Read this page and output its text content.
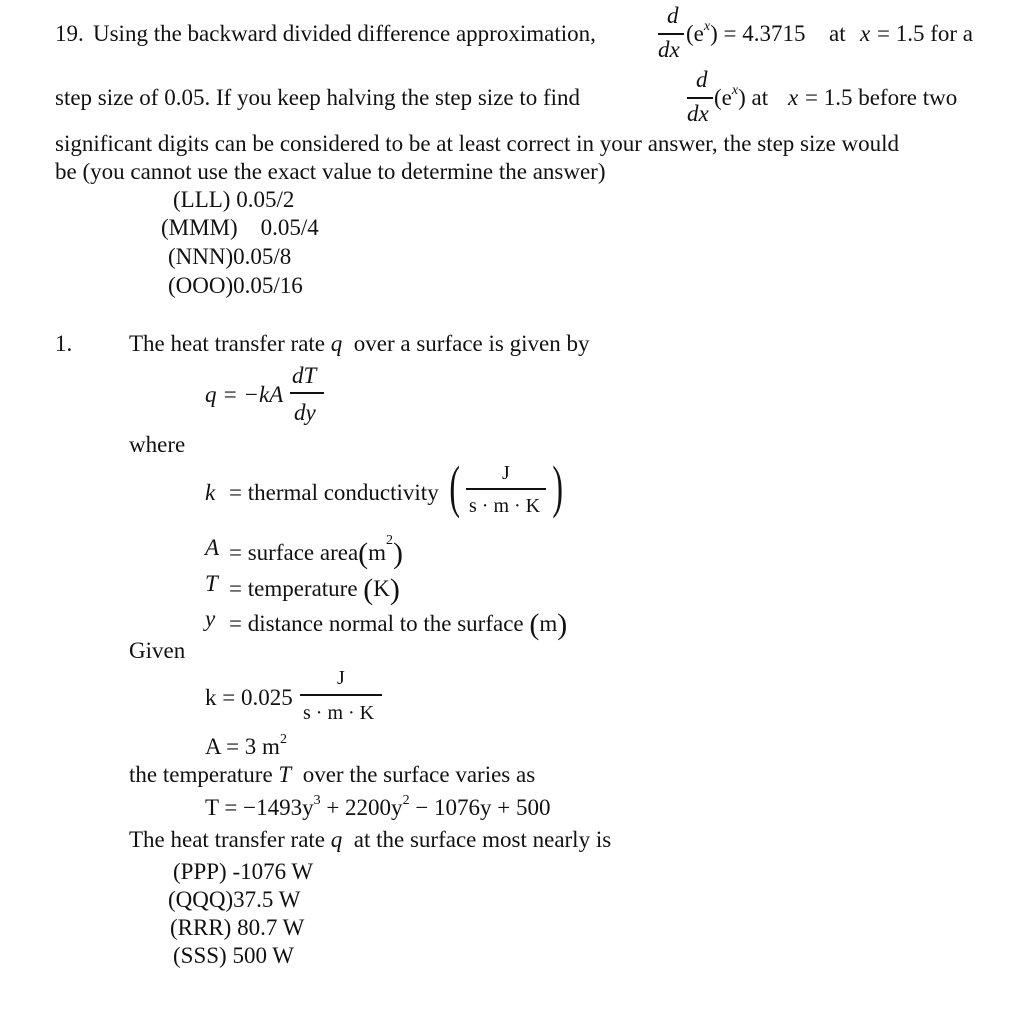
19. Using the backward divided difference approximation,
d
dx
$(e^x) = 4.3715$ at x = 1.5 for a
step size of 0.05. If you keep halving the step size to find
d
dx
$(e^x)$ at x = 1.5 before two
significant digits can be considered to be at least correct in your answer, the step size would
be (you cannot use the exact value to determine the answer)
(LLL) 0.05/2
(MMM)    0.05/4
(NNN)0.05/8
(OOO)0.05/16
1. The heat transfer rate q over a surface is given by
q = −kA
dT
dy
where
k = thermal conductivity ( J
s · m · K )
A = surface $area(m^2)$
T = temperature (K)
y = distance normal to the surface (m)
Given
k = 0.025
J
s · m · K
A = 3 $m^2$
the temperature T over the surface varies as
$T = -1493y^3 + 2200y^2 - 1076y + 500$
The heat transfer rate q at the surface most nearly is
(PPP) -1076 W
(QQQ)37.5 W
(RRR) 80.7 W
(SSS) 500 W
